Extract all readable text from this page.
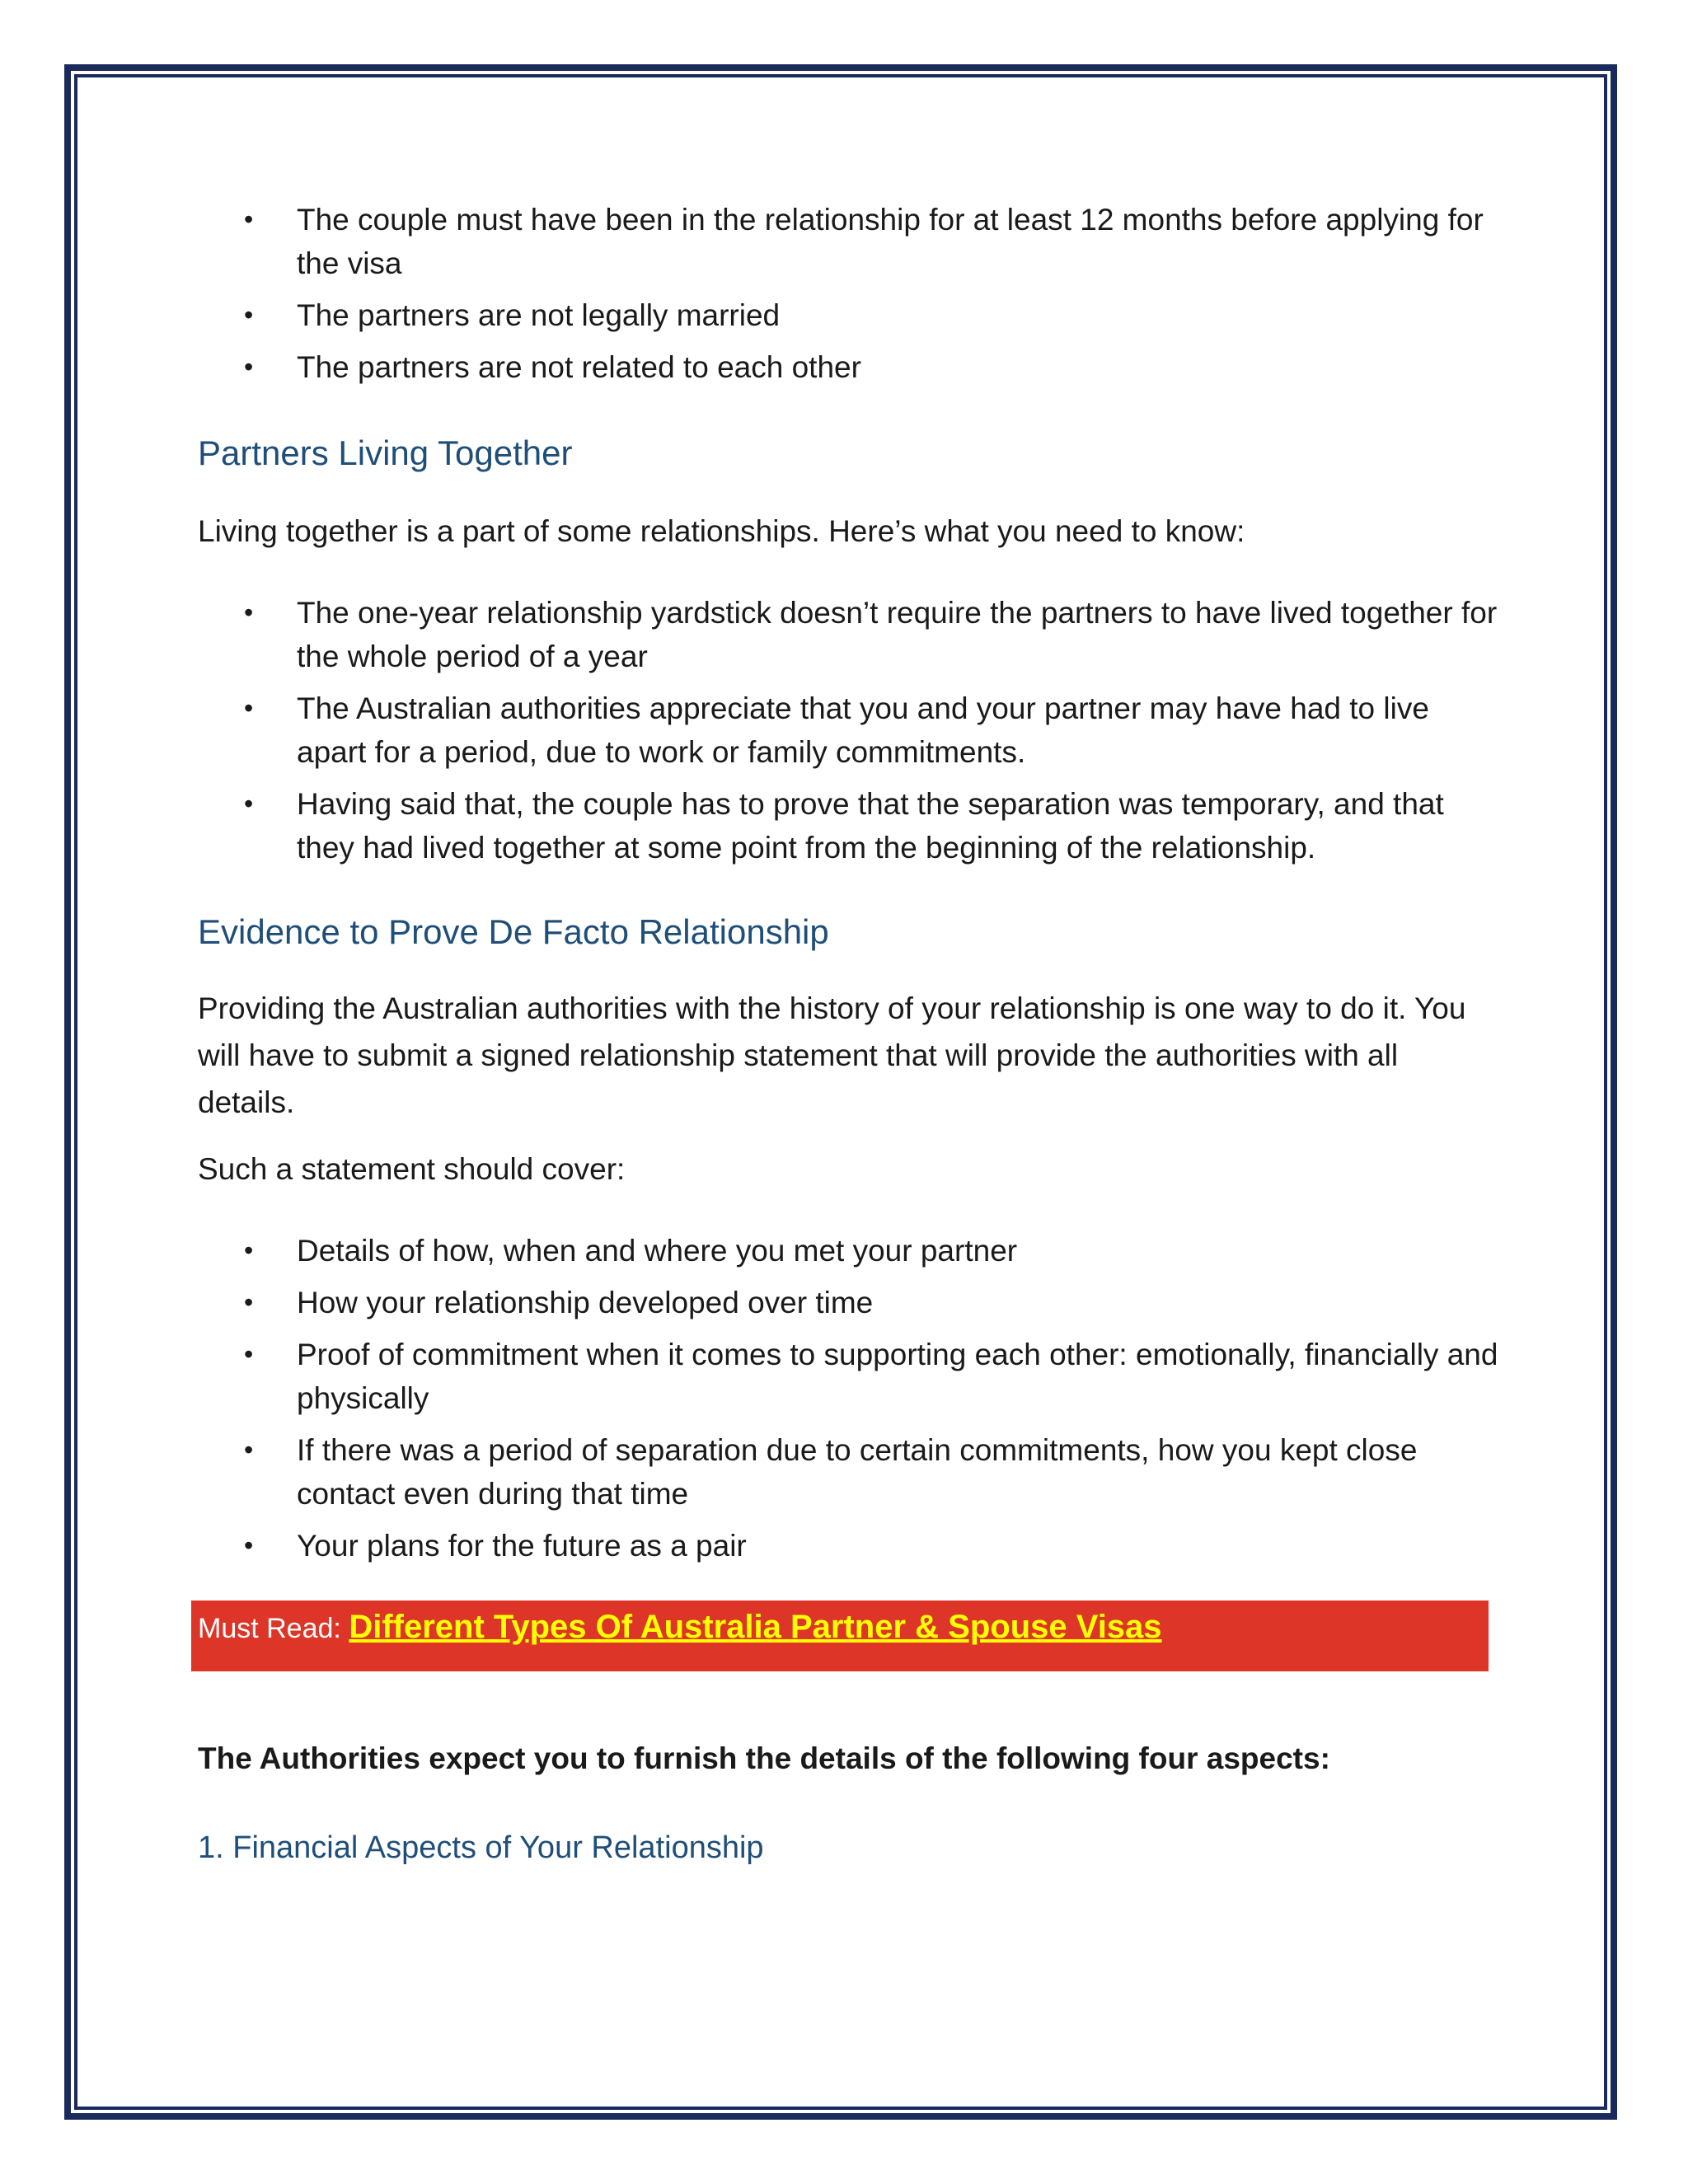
• The couple must have been in the relationship for at least 12 months before applying for the visa
• The partners are not legally married
• The partners are not related to each other
Partners Living Together

Living together is a part of some relationships. Here’s what you need to know:

• The one-year relationship yardstick doesn’t require the partners to have lived together for the whole period of a year
• The Australian authorities appreciate that you and your partner may have had to live apart for a period, due to work or family commitments.
• Having said that, the couple has to prove that the separation was temporary, and that they had lived together at some point from the beginning of the relationship.
Evidence to Prove De Facto Relationship

Providing the Australian authorities with the history of your relationship is one way to do it. You will have to submit a signed relationship statement that will provide the authorities with all details.

Such a statement should cover:

• Details of how, when and where you met your partner
• How your relationship developed over time
• Proof of commitment when it comes to supporting each other: emotionally, financially and physically
• If there was a period of separation due to certain commitments, how you kept close contact even during that time
• Your plans for the future as a pair
Must Read: Different Types Of Australia Partner & Spouse Visas

The Authorities expect you to furnish the details of the following four aspects:

1. Financial Aspects of Your Relationship
